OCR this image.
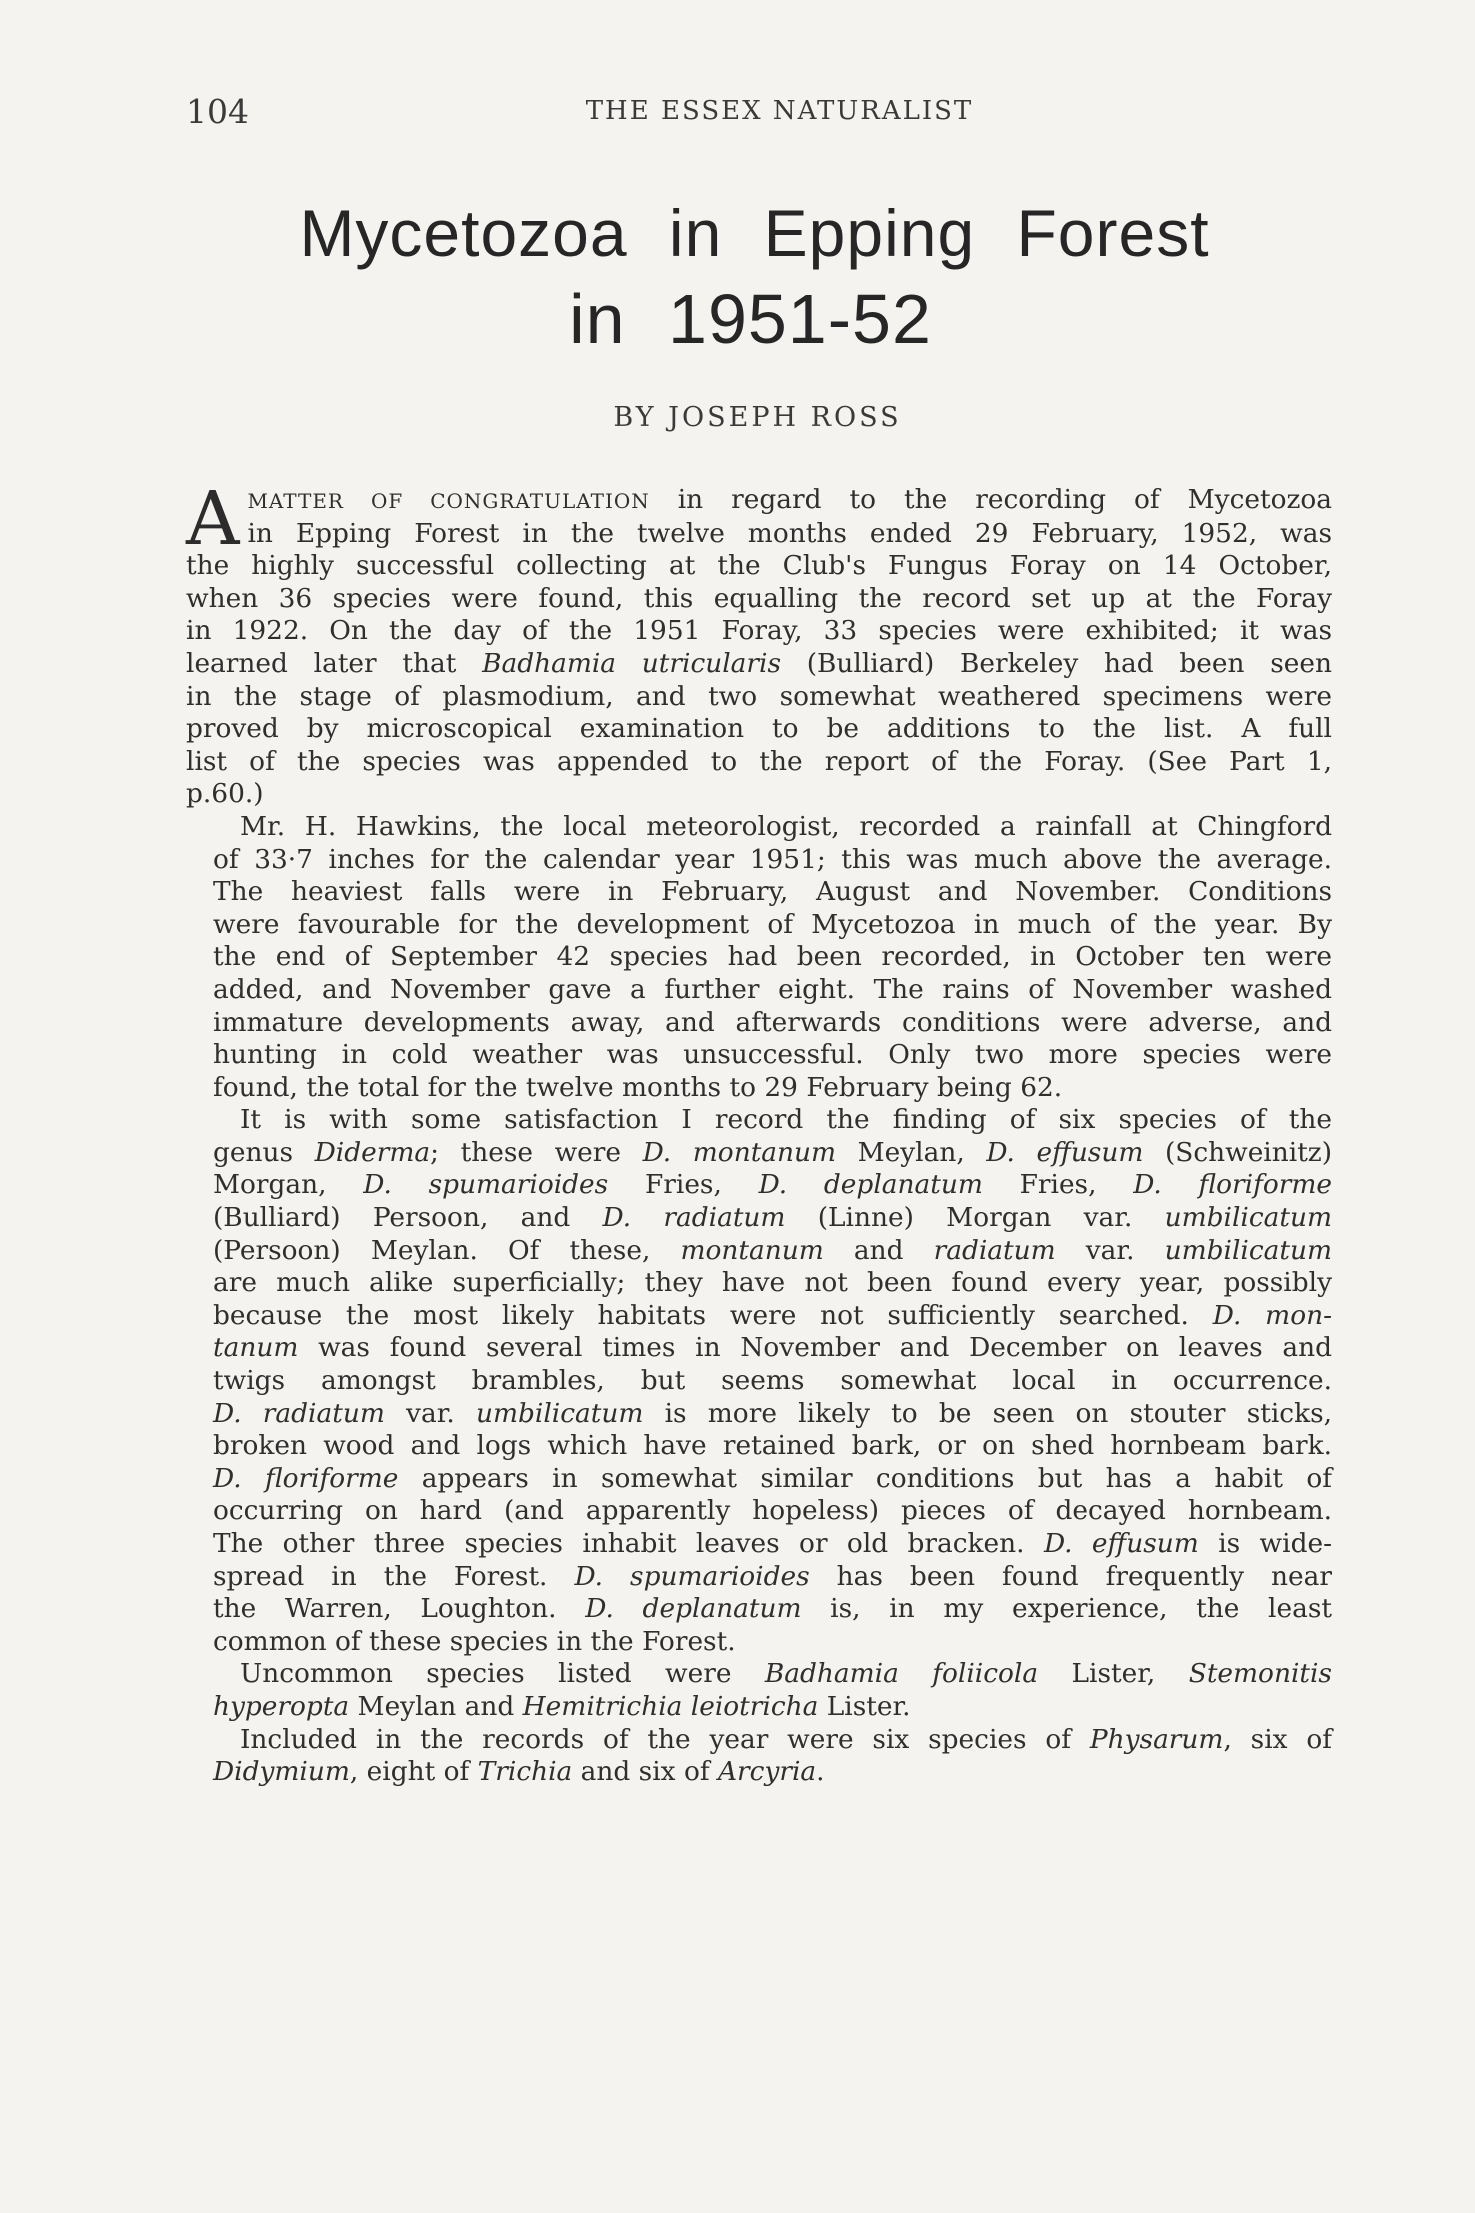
104	THE ESSEX NATURALIST
Mycetozoa in Epping Forest
in 1951-52
BY JOSEPH ROSS
AMATTER OF CONGRATULATION in regard to the recording of Mycetozoa
in Epping Forest in the twelve months ended 29 February, 1952, was
the highly successful collecting at the Club's Fungus Foray on 14 October,
when 36 species were found, this equalling the record set up at the Foray
in 1922. On the day of the 1951 Foray, 33 species were exhibited; it was
learned later that Badhamia utricularis (Bulliard) Berkeley had been seen
in the stage of plasmodium, and two somewhat weathered specimens were
proved by microscopical examination to be additions to the list. A full
list of the species was appended to the report of the Foray. (See Part 1,
p.60.)
Mr. H. Hawkins, the local meteorologist, recorded a rainfall at Chingford
of 33·7 inches for the calendar year 1951; this was much above the average.
The heaviest falls were in February, August and November. Conditions
were favourable for the development of Mycetozoa in much of the year. By
the end of September 42 species had been recorded, in October ten were
added, and November gave a further eight. The rains of November washed
immature developments away, and afterwards conditions were adverse, and
hunting in cold weather was unsuccessful. Only two more species were
found, the total for the twelve months to 29 February being 62.
It is with some satisfaction I record the finding of six species of the
genus Diderma; these were D. montanum Meylan, D. effusum (Schweinitz)
Morgan, D. spumarioides Fries, D. deplanatum Fries, D. floriforme
(Bulliard) Persoon, and D. radiatum (Linne) Morgan var. umbilicatum
(Persoon) Meylan. Of these, montanum and radiatum var. umbilicatum
are much alike superficially; they have not been found every year, possibly
because the most likely habitats were not sufficiently searched. D. mon-
tanum was found several times in November and December on leaves and
twigs amongst brambles, but seems somewhat local in occurrence.
D. radiatum var. umbilicatum is more likely to be seen on stouter sticks,
broken wood and logs which have retained bark, or on shed hornbeam bark.
D. floriforme appears in somewhat similar conditions but has a habit of
occurring on hard (and apparently hopeless) pieces of decayed hornbeam.
The other three species inhabit leaves or old bracken. D. effusum is wide-
spread in the Forest. D. spumarioides has been found frequently near
the Warren, Loughton. D. deplanatum is, in my experience, the least
common of these species in the Forest.
Uncommon species listed were Badhamia foliicola Lister, Stemonitis
hyperopta Meylan and Hemitrichia leiotricha Lister.
Included in the records of the year were six species of Physarum, six of
Didymium, eight of Trichia and six of Arcyria.
